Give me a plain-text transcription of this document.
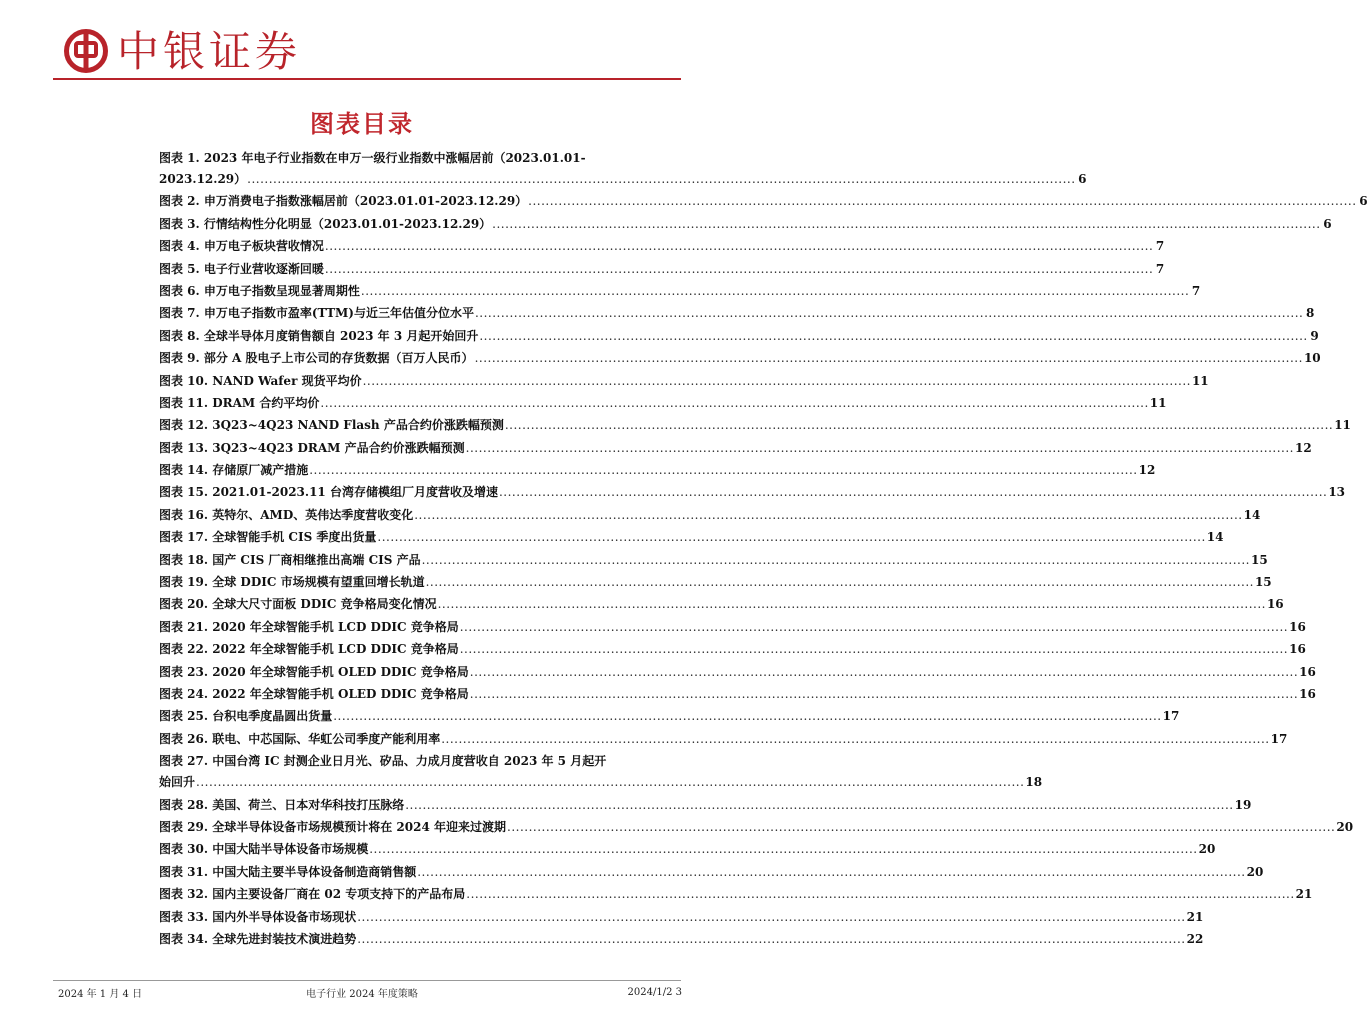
中银证券
图表目录
图表 1. 2023 年电子行业指数在申万一级行业指数中涨幅居前（2023.01.01-
2023.12.29） .....	6
图表 2. 申万消费电子指数涨幅居前（2023.01.01-2023.12.29） .....	6
图表 3. 行情结构性分化明显（2023.01.01-2023.12.29） .....	6
图表 4. 申万电子板块营收情况 .....	7
图表 5. 电子行业营收逐渐回暖 .....	7
图表 6. 申万电子指数呈现显著周期性 .....	7
图表 7. 申万电子指数市盈率(TTM)与近三年估值分位水平 .....	8
图表 8. 全球半导体月度销售额自 2023 年 3 月起开始回升 .....	9
图表 9. 部分 A 股电子上市公司的存货数据（百万人民币） .....	10
图表 10. NAND Wafer 现货平均价 .....	11
图表 11. DRAM 合约平均价 .....	11
图表 12. 3Q23~4Q23 NAND Flash 产品合约价涨跌幅预测 .....	11
图表 13. 3Q23~4Q23 DRAM 产品合约价涨跌幅预测 .....	12
图表 14. 存储原厂减产措施 .....	12
图表 15. 2021.01-2023.11 台湾存储模组厂月度营收及增速 .....	13
图表 16. 英特尔、AMD、英伟达季度营收变化 .....	14
图表 17. 全球智能手机 CIS 季度出货量 .....	14
图表 18. 国产 CIS 厂商相继推出高端 CIS 产品 .....	15
图表 19. 全球 DDIC 市场规模有望重回增长轨道 .....	15
图表 20. 全球大尺寸面板 DDIC 竞争格局变化情况 .....	16
图表 21. 2020 年全球智能手机 LCD DDIC 竞争格局 .....	16
图表 22. 2022 年全球智能手机 LCD DDIC 竞争格局 .....	16
图表 23. 2020 年全球智能手机 OLED DDIC 竞争格局 .....	16
图表 24. 2022 年全球智能手机 OLED DDIC 竞争格局 .....	16
图表 25. 台积电季度晶圆出货量 .....	17
图表 26. 联电、中芯国际、华虹公司季度产能利用率 .....	17
图表 27. 中国台湾 IC 封测企业日月光、矽品、力成月度营收自 2023 年 5 月起开
始回升 .....	18
图表 28. 美国、荷兰、日本对华科技打压脉络 .....	19
图表 29. 全球半导体设备市场规模预计将在 2024 年迎来过渡期 .....	20
图表 30. 中国大陆半导体设备市场规模 .....	20
图表 31. 中国大陆主要半导体设备制造商销售额 .....	20
图表 32. 国内主要设备厂商在 02 专项支持下的产品布局 .....	21
图表 33. 国内外半导体设备市场现状 .....	21
图表 34. 全球先进封装技术演进趋势 .....	22
2024 年 1 月 4 日	电子行业 2024 年度策略	2024/1/2 3
